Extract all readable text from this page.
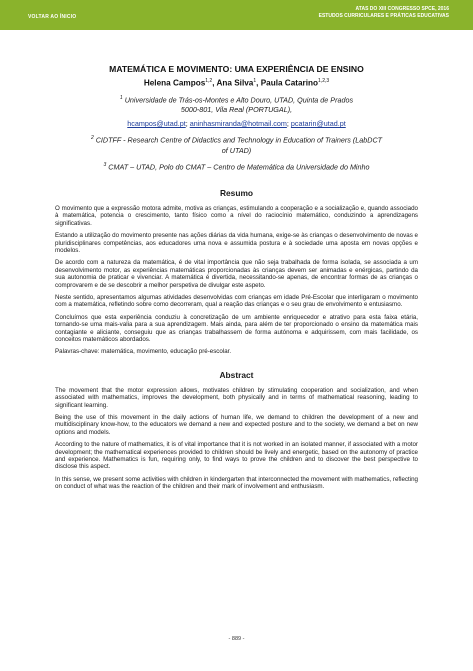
VOLTAR AO ÍNICIO
ATAS DO XIII CONGRESSO SPCE, 2016
ESTUDOS CURRICULARES E PRÁTICAS EDUCATIVAS
MATEMÁTICA E MOVIMENTO: UMA EXPERIÊNCIA DE ENSINO
Helena Campos$^{1,2}$, Ana Silva$^1$, Paula Catarino$^{1,2,3}$
$^1$ Universidade de Trás-os-Montes e Alto Douro, UTAD, Quinta de Prados
5000-801, Vila Real (PORTUGAL),
hcampos@utad.pt; aninhasmiranda@hotmail.com; pcatarin@utad.pt
$^2$ CIDTFF - Research Centre of Didactics and Technology in Education of Trainers (LabDCT
of UTAD)
$^3$ CMAT – UTAD, Polo do CMAT – Centro de Matemática da Universidade do Minho
Resumo

O movimento que a expressão motora admite, motiva as crianças, estimulando a cooperação e a socialização e, quando associado à matemática, potencia o crescimento, tanto físico como a nível do raciocínio matemático, conduzindo a aprendizagens significativas.

Estando a utilização do movimento presente nas ações diárias da vida humana, exige-se às crianças o desenvolvimento de novas e pluridisciplinares competências, aos educadores uma nova e assumida postura e à sociedade uma aposta em novas opções e modelos.

De acordo com a natureza da matemática, é de vital importância que não seja trabalhada de forma isolada, se associada a um desenvolvimento motor, as experiências matemáticas proporcionadas às crianças devem ser animadas e enérgicas, partindo da sua autonomia de praticar e vivenciar. A matemática é divertida, necessitando-se apenas, de encontrar formas de as crianças o comprovarem e de se descobrir a melhor perspetiva de divulgar este aspeto.

Neste sentido, apresentamos algumas atividades desenvolvidas com crianças em idade Pré-Escolar que interligaram o movimento com a matemática, refletindo sobre como decorreram, qual a reação das crianças e o seu grau de envolvimento e entusiasmo.

Concluímos que esta experiência conduziu à concretização de um ambiente enriquecedor e atrativo para esta faixa etária, tornando-se uma mais-valia para a sua aprendizagem. Mais ainda, para além de ter proporcionado o ensino da matemática mais contagiante e aliciante, conseguiu que as crianças trabalhassem de forma autónoma e adquirissem, com mais facilidade, os conceitos matemáticos abordados.

Palavras-chave: matemática, movimento, educação pré-escolar.

Abstract

The movement that the motor expression allows, motivates children by stimulating cooperation and socialization, and when associated with mathematics, improves the development, both physically and in terms of mathematical reasoning, leading to significant learning.

Being the use of this movement in the daily actions of human life, we demand to children the development of a new and multidisciplinary know-how, to the educators we demand a new and expected posture and to the society, we demand a bet on new options and models.

According to the nature of mathematics, it is of vital importance that it is not worked in an isolated manner, if associated with a motor development; the mathematical experiences provided to children should be lively and energetic, based on the autonomy of practice and experience. Mathematics is fun, requiring only, to find ways to prove the children and to discover the best perspective to disclose this aspect.

In this sense, we present some activities with children in kindergarten that interconnected the movement with mathematics, reflecting on conduct of what was the reaction of the children and their mark of involvement and enthusiasm.

- 889 -
